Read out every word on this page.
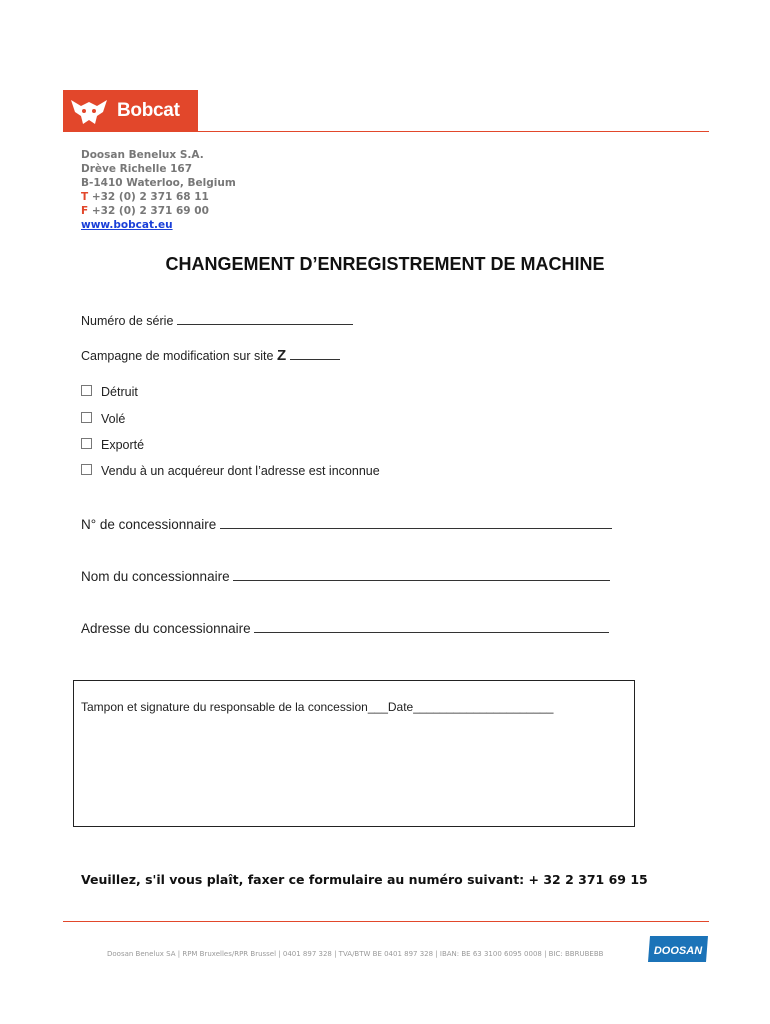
Bobcat
Doosan Benelux S.A.
Drève Richelle 167
B-1410 Waterloo, Belgium
T +32 (0) 2 371 68 11
F +32 (0) 2 371 69 00
www.bobcat.eu
CHANGEMENT D’ENREGISTREMENT DE MACHINE
Numéro de série
Campagne de modification sur site Z
Détruit
Volé
Exporté
Vendu à un acquéreur dont l’adresse est inconnue
N° de concessionnaire
Nom du concessionnaire
Adresse du concessionnaire
Tampon et signature du responsable de la concession___Date_____________________
Veuillez, s'il vous plaît, faxer ce formulaire au numéro suivant: + 32 2 371 69 15
Doosan Benelux SA | RPM Bruxelles/RPR Brussel | 0401 897 328 | TVA/BTW BE 0401 897 328 | IBAN: BE 63 3100 6095 0008 | BIC: BBRUBEBB	DOOSAN
